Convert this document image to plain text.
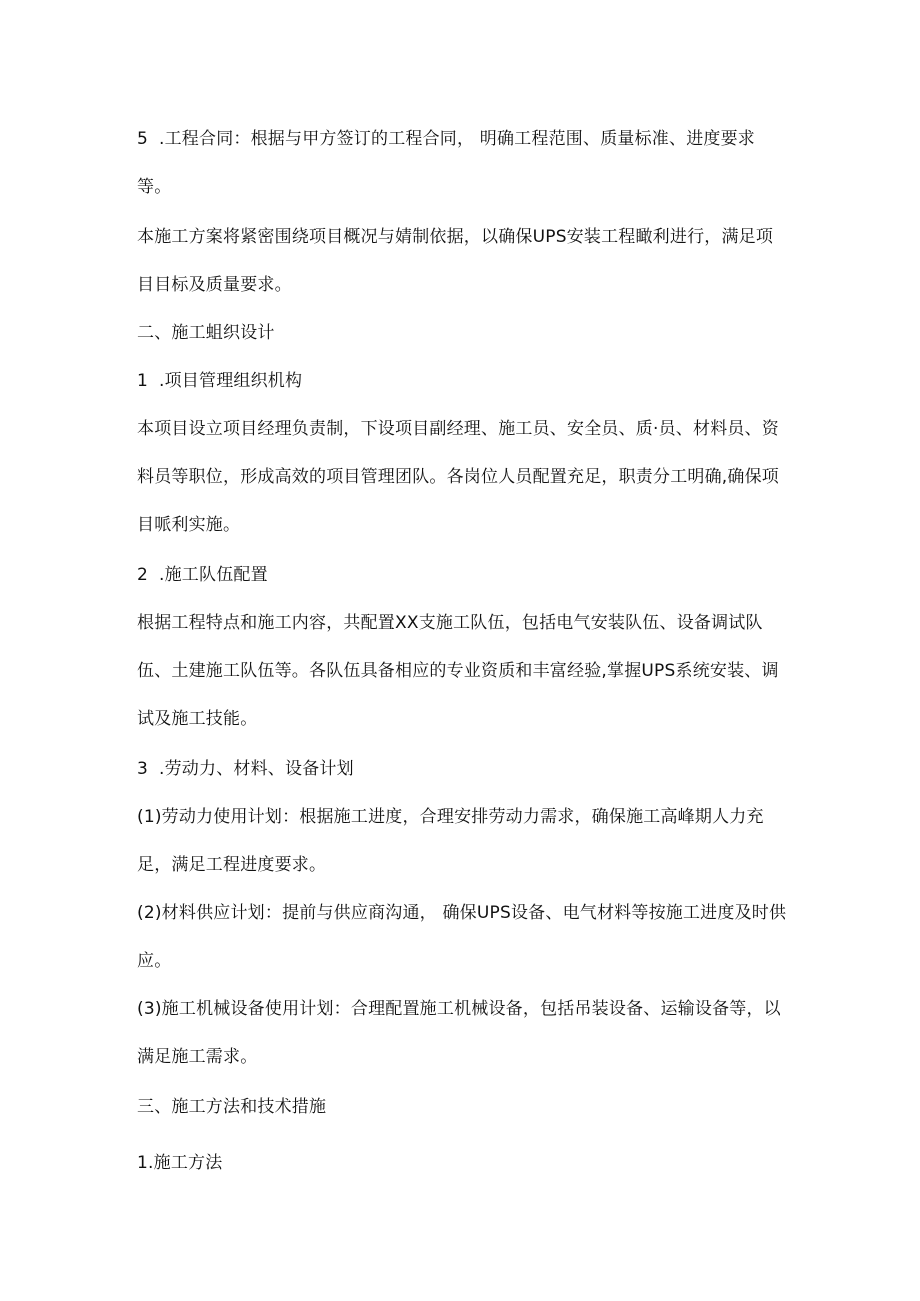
5 .工程合同：根据与甲方签订的工程合同， 明确工程范围、质量标准、进度要求
等。
本施工方案将紧密围绕项目概况与婧制依据，以确保UPS安装工程瞰利进行，满足项
目目标及质量要求。
二、施工蛆织设计
1 .项目管理组织机构
本项目设立项目经理负责制，下设项目副经理、施工员、安全员、质·员、材料员、资
料员等职位，形成高效的项目管理团队。各岗位人员配置充足，职责分工明确,确保项
目哌利实施。
2 .施工队伍配置
根据工程特点和施工内容，共配置XX支施工队伍，包括电气安装队伍、设备调试队
伍、土建施工队伍等。各队伍具备相应的专业资质和丰富经验,掌握UPS系统安装、调
试及施工技能。
3 .劳动力、材料、设备计划
(1)劳动力使用计划：根据施工进度，合理安排劳动力需求，确保施工高峰期人力充
足，满足工程进度要求。
(2)材料供应计划：提前与供应商沟通， 确保UPS设备、电气材料等按施工进度及时供
应。
(3)施工机械设备使用计划：合理配置施工机械设备，包括吊装设备、运输设备等，以
满足施工需求。
三、施工方法和技术措施
1.施工方法
